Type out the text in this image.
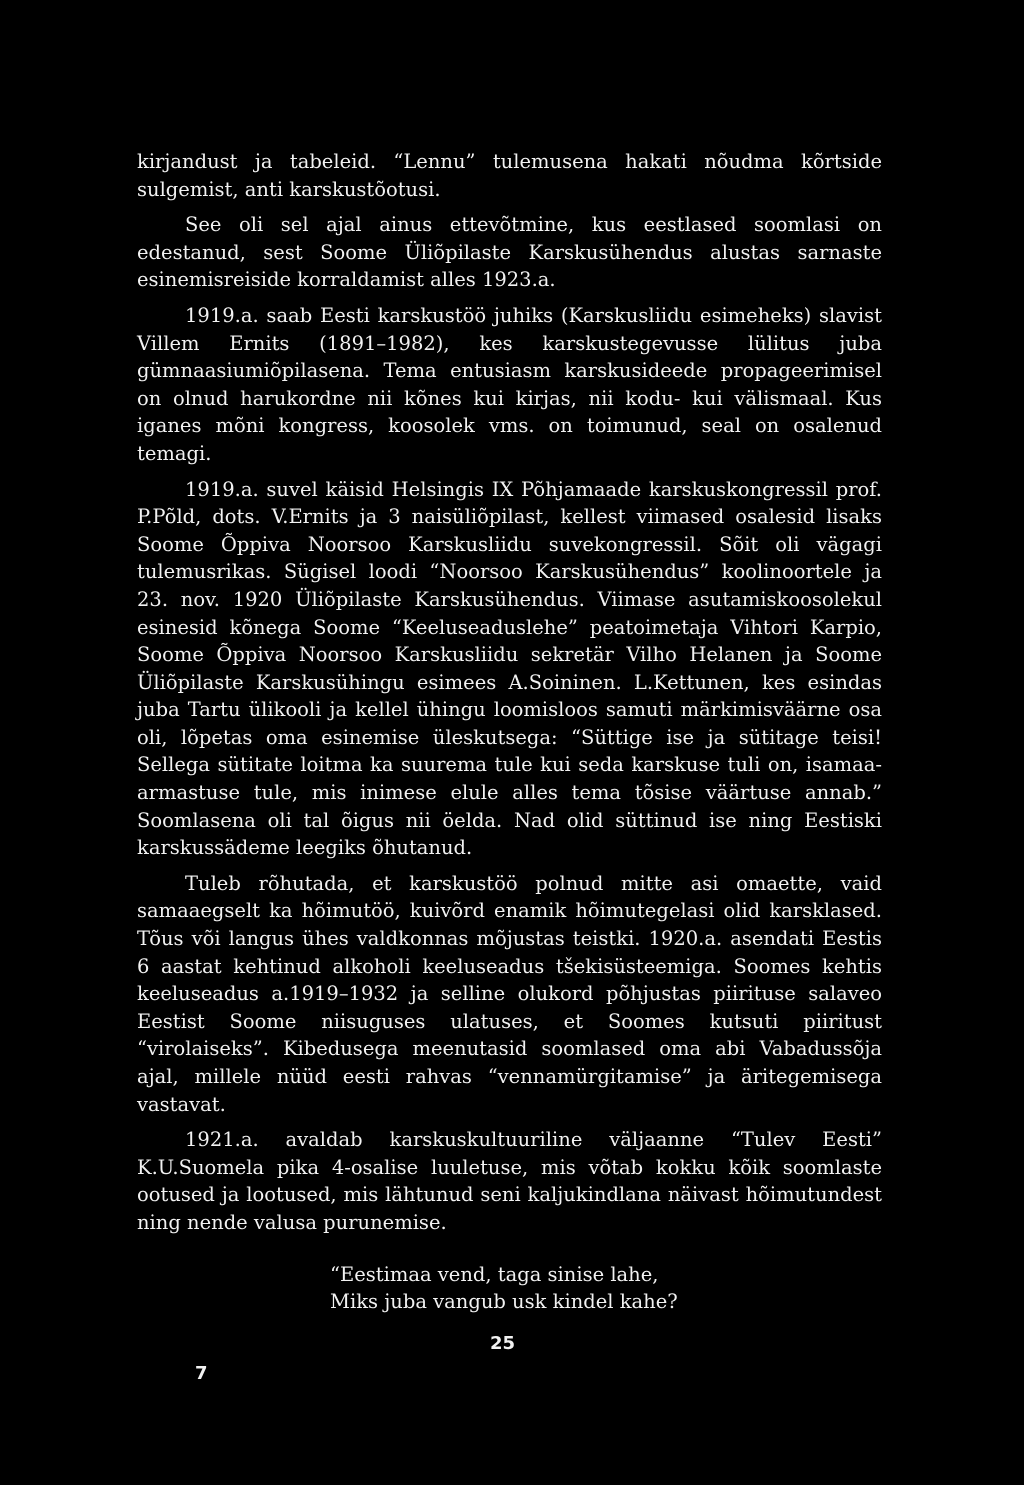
kirjandust ja tabeleid. “Lennu” tulemusena hakati nõudma kõrtside sulgemist, anti karskustõotusi.

See oli sel ajal ainus ettevõtmine, kus eestlased soomlasi on edestanud, sest Soome Üliõpilaste Karskusühendus alustas sarnaste esinemisreiside korraldamist alles 1923.a.

1919.a. saab Eesti karskustöö juhiks (Karskusliidu esimeheks) slavist Villem Ernits (1891–1982), kes karskustegevusse lülitus juba gümnaasiumiõpilasena. Tema entusiasm karskusideede propageerimisel on olnud harukordne nii kõnes kui kirjas, nii kodu- kui välismaal. Kus iganes mõni kongress, koosolek vms. on toimunud, seal on osalenud temagi.

1919.a. suvel käisid Helsingis IX Põhjamaade karskuskongressil prof. P.Põld, dots. V.Ernits ja 3 naisüliõpilast, kellest viimased osalesid lisaks Soome Õppiva Noorsoo Karskusliidu suvekongressil. Sõit oli vägagi tulemusrikas. Sügisel loodi “Noorsoo Karskusühendus” koolinoortele ja 23. nov. 1920 Üliõpilaste Karskusühendus. Viimase asutamiskoosolekul esinesid kõnega Soome “Keeluseaduslehe” peatoimetaja Vihtori Karpio, Soome Õppiva Noorsoo Karskusliidu sekretär Vilho Helanen ja Soome Üliõpilaste Karskusühingu esimees A.Soininen. L.Kettunen, kes esindas juba Tartu ülikooli ja kellel ühingu loomisloos samuti märkimisväärne osa oli, lõpetas oma esinemise üleskutsega: “Süttige ise ja sütitage teisi! Sellega sütitate loitma ka suurema tule kui seda karskuse tuli on, isamaa-armastuse tule, mis inimese elule alles tema tõsise väärtuse annab.” Soomlasena oli tal õigus nii öelda. Nad olid süttinud ise ning Eestiski karskussädeme leegiks õhutanud.

Tuleb rõhutada, et karskustöö polnud mitte asi omaette, vaid samaaegselt ka hõimutöö, kuivõrd enamik hõimutegelasi olid karsklased. Tõus või langus ühes valdkonnas mõjustas teistki. 1920.a. asendati Eestis 6 aastat kehtinud alkoholi keeluseadus tšekisüsteemiga. Soomes kehtis keeluseadus a.1919–1932 ja selline olukord põhjustas piirituse salaveo Eestist Soome niisuguses ulatuses, et Soomes kutsuti piiritust “virolaiseks”. Kibedusega meenutasid soomlased oma abi Vabadussõja ajal, millele nüüd eesti rahvas “vennamürgitamise” ja äritegemisega vastavat.

1921.a. avaldab karskuskultuuriline väljaanne “Tulev Eesti” K.U.Suomela pika 4-osalise luuletuse, mis võtab kokku kõik soomlaste ootused ja lootused, mis lähtunud seni kaljukindlana näivast hõimutundest ning nende valusa purunemise.

“Eestimaa vend, taga sinise lahe,
Miks juba vangub usk kindel kahe?
25
7
